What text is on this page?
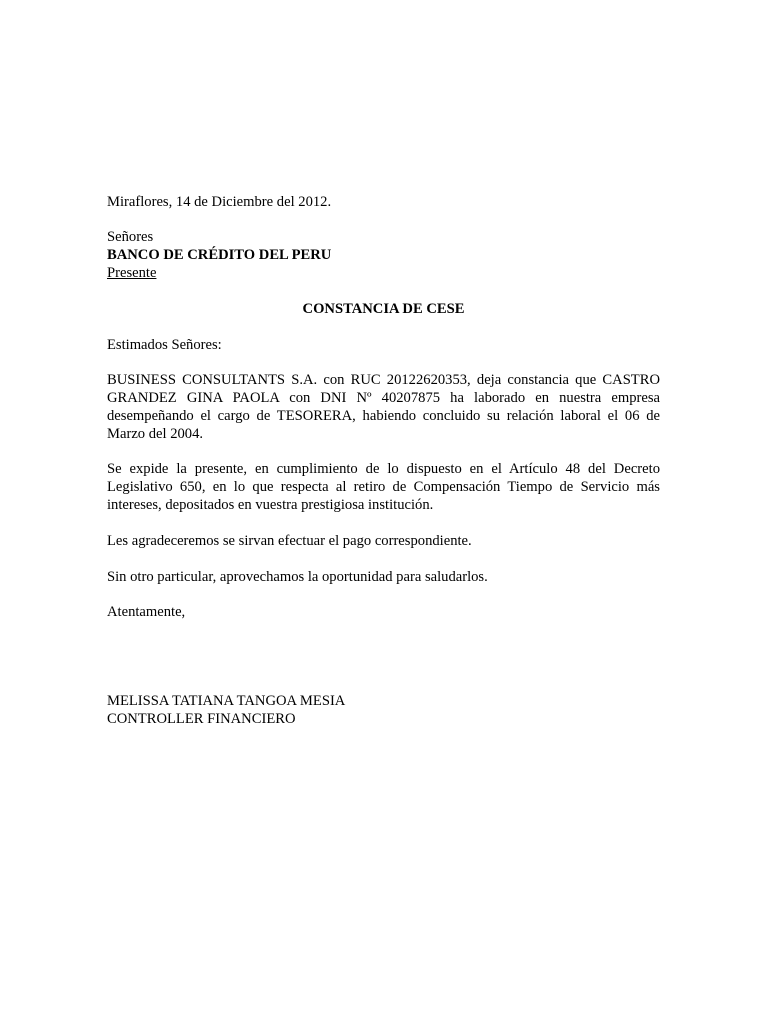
Miraflores, 14 de Diciembre del 2012.

Señores
BANCO DE CRÉDITO DEL PERU
Presente

CONSTANCIA DE CESE

Estimados Señores:

BUSINESS CONSULTANTS S.A. con RUC 20122620353, deja constancia que CASTRO GRANDEZ GINA PAOLA con DNI Nº 40207875 ha laborado en nuestra empresa desempeñando el cargo de TESORERA, habiendo concluido su relación laboral el 06 de Marzo del 2004.

Se expide la presente, en cumplimiento de lo dispuesto en el Artículo 48 del Decreto Legislativo 650, en lo que respecta al retiro de Compensación Tiempo de Servicio más intereses, depositados en vuestra prestigiosa institución.

Les agradeceremos se sirvan efectuar el pago correspondiente.

Sin otro particular, aprovechamos la oportunidad para saludarlos.

Atentamente,

MELISSA TATIANA TANGOA MESIA
CONTROLLER FINANCIERO
